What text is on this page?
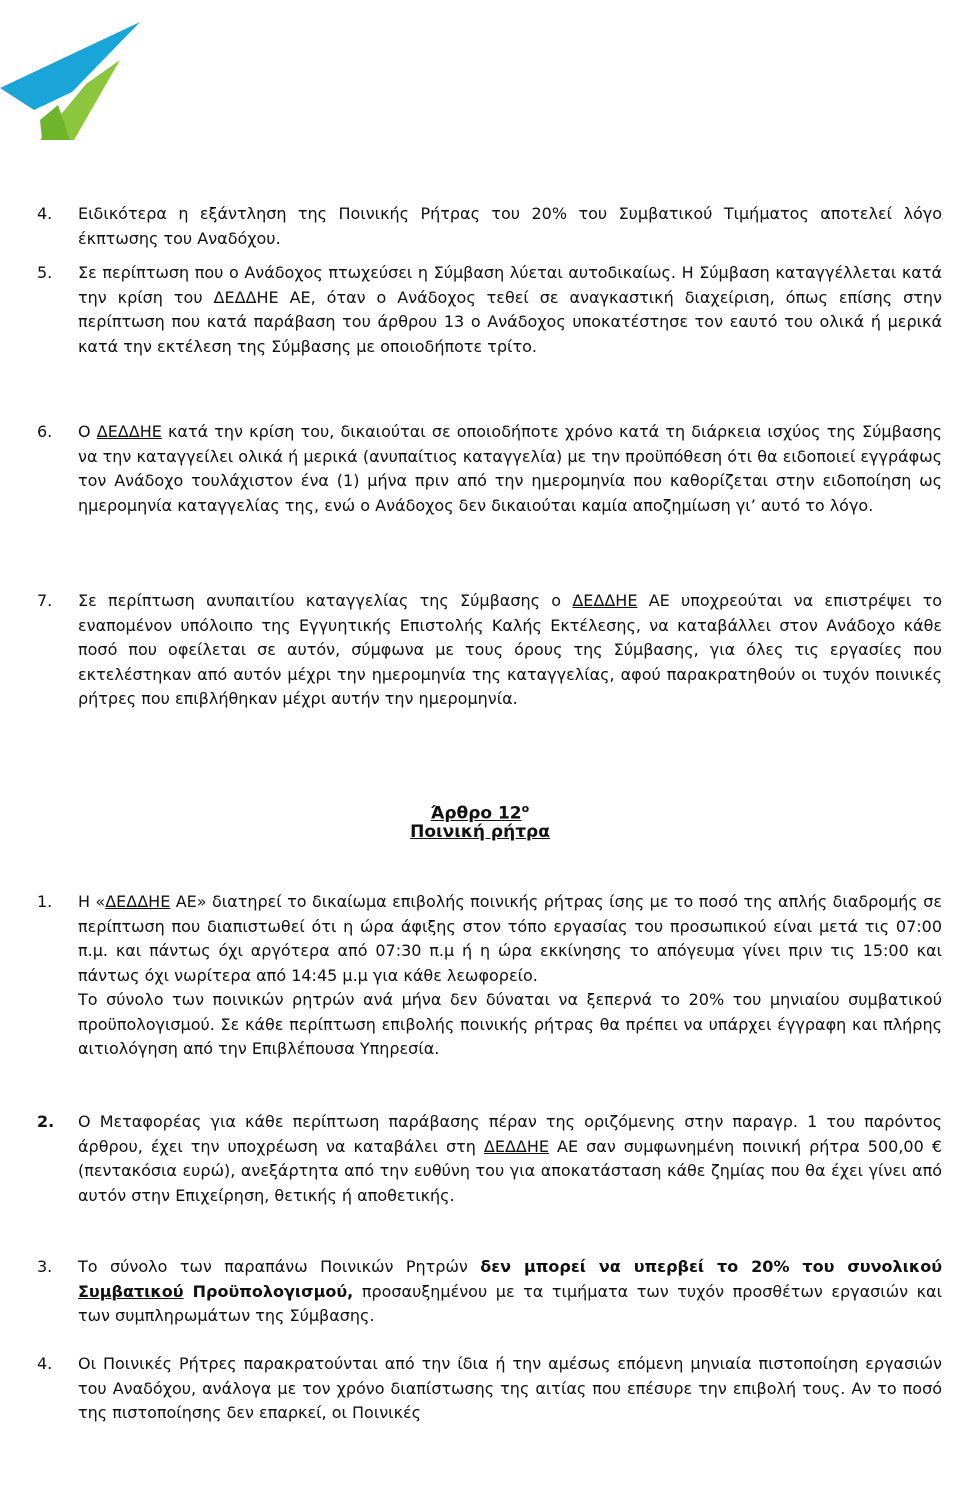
4.	Ειδικότερα η εξάντληση της Ποινικής Ρήτρας του 20% του Συμβατικού Τιμήματος αποτελεί λόγο έκπτωσης του Αναδόχου.
5.	Σε περίπτωση που ο Ανάδοχος πτωχεύσει η Σύμβαση λύεται αυτοδικαίως. Η Σύμβαση καταγγέλλεται κατά την κρίση του ΔΕΔΔΗΕ ΑΕ, όταν ο Ανάδοχος τεθεί σε αναγκαστική διαχείριση, όπως επίσης στην περίπτωση που κατά παράβαση του άρθρου 13 ο Ανάδοχος υποκατέστησε τον εαυτό του ολικά ή μερικά κατά την εκτέλεση της Σύμβασης με οποιοδήποτε τρίτο.
6.	Ο ΔΕΔΔΗΕ κατά την κρίση του, δικαιούται σε οποιοδήποτε χρόνο κατά τη διάρκεια ισχύος της Σύμβασης να την καταγγείλει ολικά ή μερικά (ανυπαίτιος καταγγελία) με την προϋπόθεση ότι θα ειδοποιεί εγγράφως τον Ανάδοχο τουλάχιστον ένα (1) μήνα πριν από την ημερομηνία που καθορίζεται στην ειδοποίηση ως ημερομηνία καταγγελίας της, ενώ ο Ανάδοχος δεν δικαιούται καμία αποζημίωση γι’ αυτό το λόγο.
7.	Σε περίπτωση ανυπαιτίου καταγγελίας της Σύμβασης ο ΔΕΔΔΗΕ ΑΕ υποχρεούται να επιστρέψει το εναπομένον υπόλοιπο της Εγγυητικής Επιστολής Καλής Εκτέλεσης, να καταβάλλει στον Ανάδοχο κάθε ποσό που οφείλεται σε αυτόν, σύμφωνα με τους όρους της Σύμβασης, για όλες τις εργασίες που εκτελέστηκαν από αυτόν μέχρι την ημερομηνία της καταγγελίας, αφού παρακρατηθούν οι τυχόν ποινικές ρήτρες που επιβλήθηκαν μέχρι αυτήν την ημερομηνία.
Άρθρο $12^o$
Ποινική ρήτρα
1.	Η «ΔΕΔΔΗΕ ΑΕ» διατηρεί το δικαίωμα επιβολής ποινικής ρήτρας ίσης με το ποσό της απλής διαδρομής σε περίπτωση που διαπιστωθεί ότι η ώρα άφιξης στον τόπο εργασίας του προσωπικού είναι μετά τις 07:00 π.μ. και πάντως όχι αργότερα από 07:30 π.μ ή η ώρα εκκίνησης το απόγευμα γίνει πριν τις 15:00 και πάντως όχι νωρίτερα από 14:45 μ.μ για κάθε λεωφορείο.
Το σύνολο των ποινικών ρητρών ανά μήνα δεν δύναται να ξεπερνά το 20% του μηνιαίου συμβατικού προϋπολογισμού. Σε κάθε περίπτωση επιβολής ποινικής ρήτρας θα πρέπει να υπάρχει έγγραφη και πλήρης αιτιολόγηση από την Επιβλέπουσα Υπηρεσία.
2.	Ο Μεταφορέας για κάθε περίπτωση παράβασης πέραν της οριζόμενης στην παραγρ. 1 του παρόντος άρθρου, έχει την υποχρέωση να καταβάλει στη ΔΕΔΔΗΕ ΑΕ σαν συμφωνημένη ποινική ρήτρα 500,00 € (πεντακόσια ευρώ), ανεξάρτητα από την ευθύνη του για αποκατάσταση κάθε ζημίας που θα έχει γίνει από αυτόν στην Επιχείρηση, θετικής ή αποθετικής.
3.	Το σύνολο των παραπάνω Ποινικών Ρητρών δεν μπορεί να υπερβεί το 20% του συνολικού Συμβατικού Προϋπολογισμού, προσαυξημένου με τα τιμήματα των τυχόν προσθέτων εργασιών και των συμπληρωμάτων της Σύμβασης.
4.	Οι Ποινικές Ρήτρες παρακρατούνται από την ίδια ή την αμέσως επόμενη μηνιαία πιστοποίηση εργασιών του Αναδόχου, ανάλογα με τον χρόνο διαπίστωσης της αιτίας που επέσυρε την επιβολή τους. Αν το ποσό της πιστοποίησης δεν επαρκεί, οι Ποινικές
